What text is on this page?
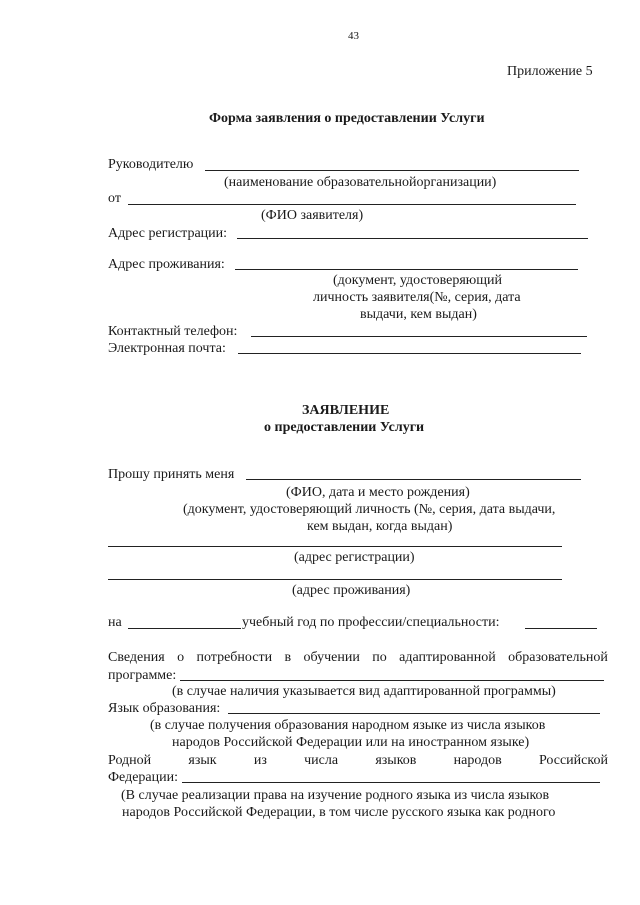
43
Приложение 5
Форма заявления о предоставлении Услуги
Руководителю
(наименование образовательнойорганизации)
от
(ФИО заявителя)
Адрес регистрации:
Адрес проживания:
(документ, удостоверяющий
личность заявителя(№, серия, дата
выдачи, кем выдан)
Контактный телефон:
Электронная почта:
ЗАЯВЛЕНИЕ
о предоставлении Услуги
Прошу принять меня
(ФИО, дата и место рождения)
(документ, удостоверяющий личность (№, серия, дата выдачи,
кем выдан, когда выдан)
(адрес регистрации)
(адрес проживания)
на	учебный год по профессии/специальности:
Сведения о потребности в обучении по адаптированной образовательной
программе:
(в случае наличия указывается вид адаптированной программы)
Язык образования:
(в случае получения образования народном языке из числа языков
народов Российской Федерации или на иностранном языке)
Родной	язык	из	числа	языков	народов	Российской
Федерации:
(В случае реализации права на изучение родного языка из числа языков
народов Российской Федерации, в том числе русского языка как родного
